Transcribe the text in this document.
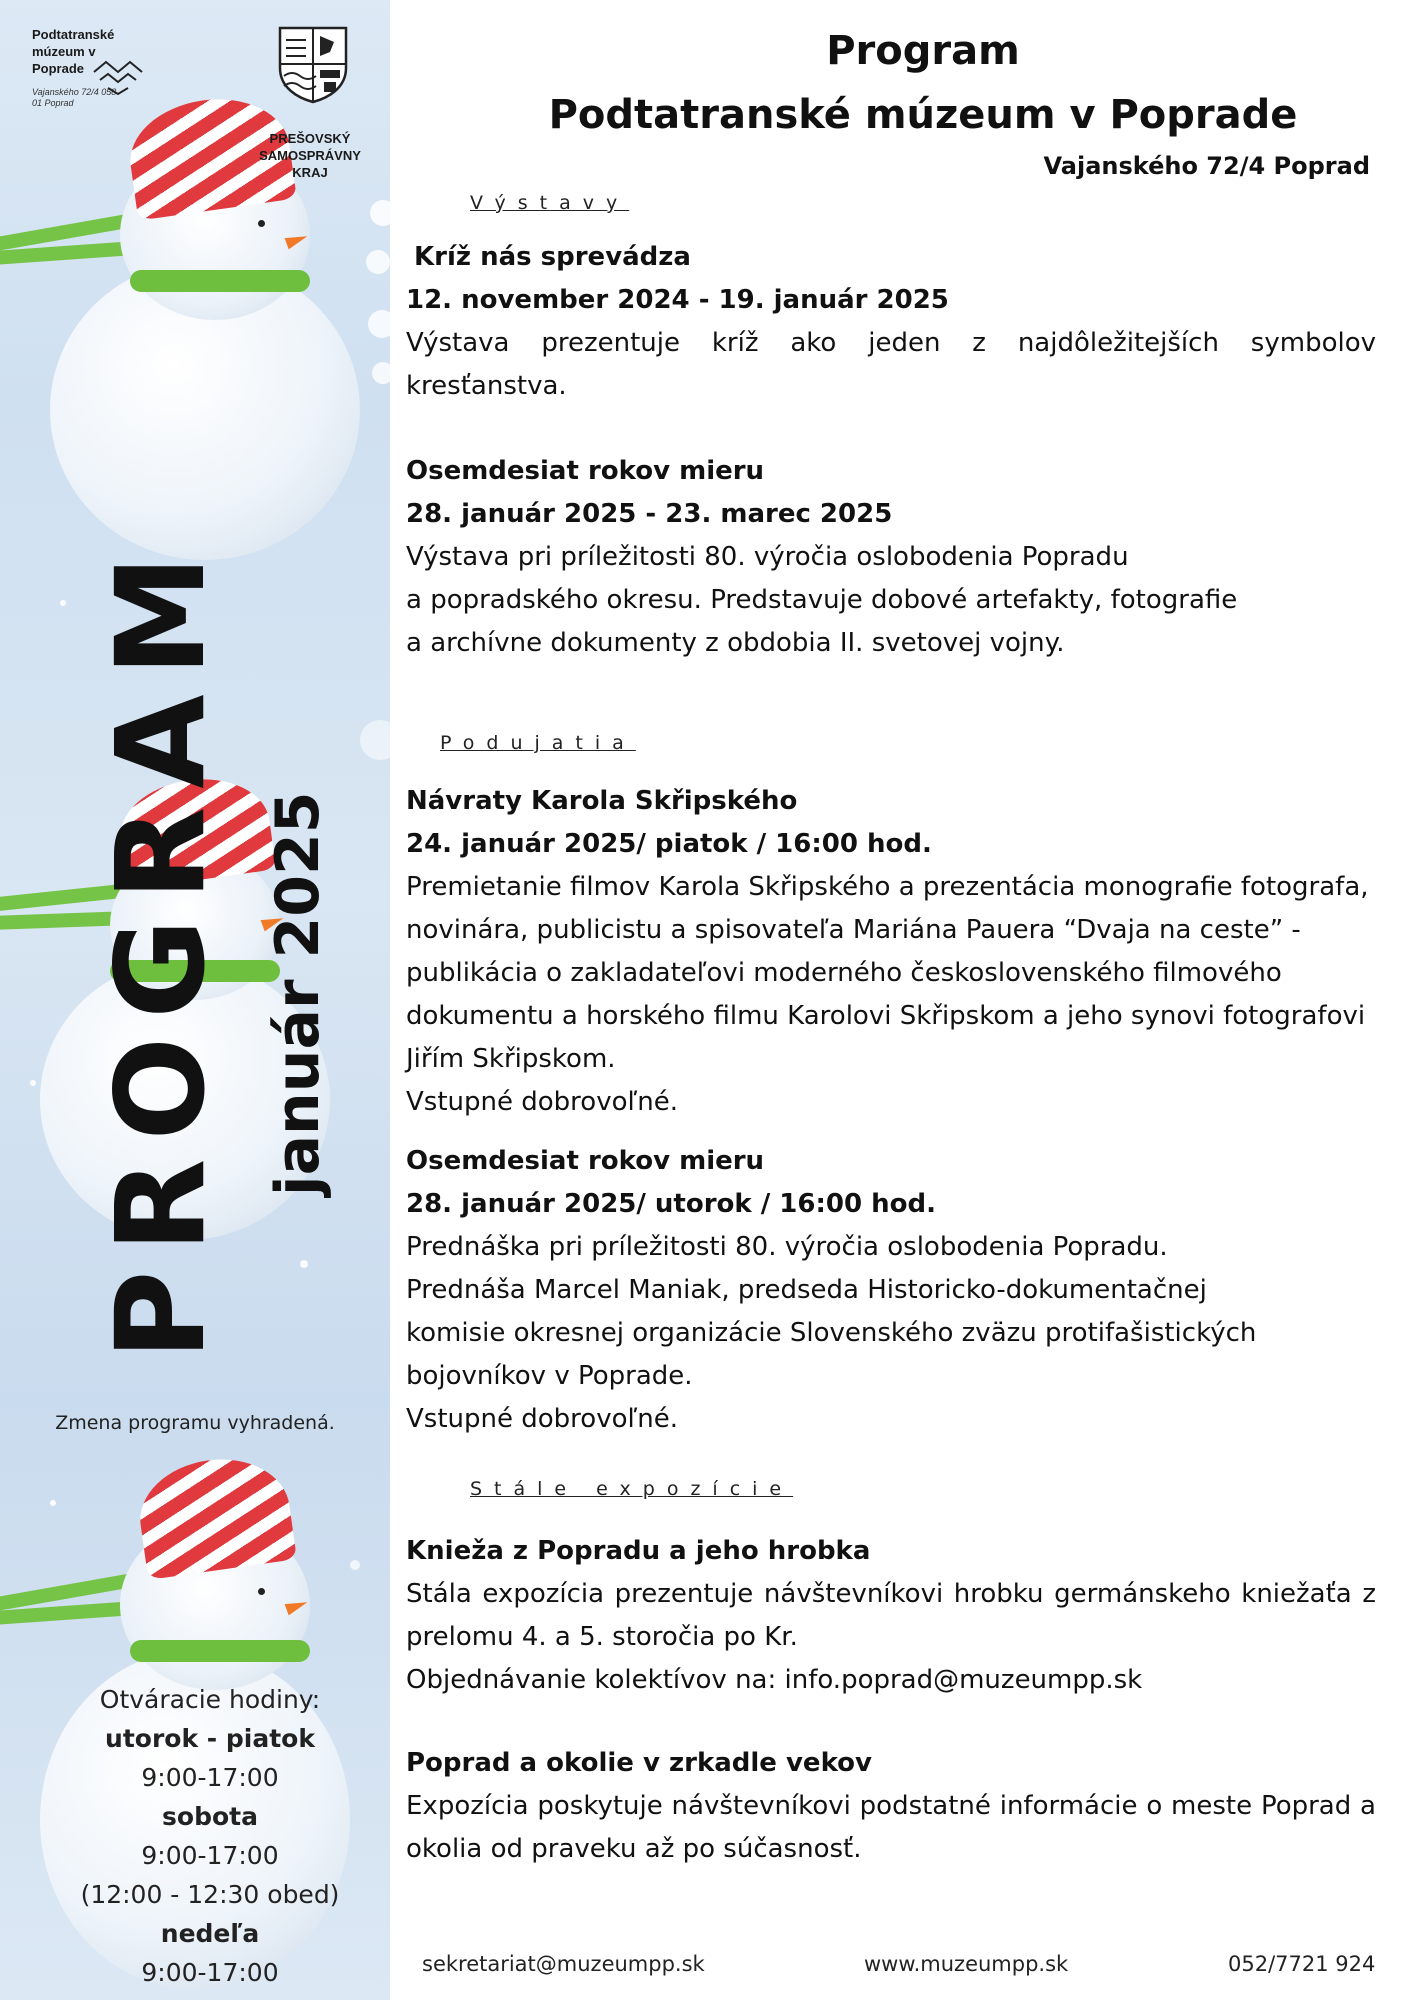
Podtatranské múzeum v Poprade
Vajanského 72/4 058 01 Poprad
PREŠOVSKÝ SAMOSPRÁVNY KRAJ
PROGRAM január 2025
Zmena programu vyhradená.
Otváracie hodiny:
utorok - piatok
9:00-17:00
sobota
9:00-17:00
(12:00 - 12:30 obed)
nedeľa
9:00-17:00
Program
Podtatranské múzeum v Poprade
Vajanského 72/4 Poprad
Výstavy
Kríž nás sprevádza
12. november 2024 - 19. január 2025
Výstava prezentuje kríž ako jeden z najdôležitejších symbolov kresťanstva.
Osemdesiat rokov mieru
28. január 2025 - 23. marec 2025
Výstava pri príležitosti 80. výročia oslobodenia Popradu
a popradského okresu. Predstavuje dobové artefakty, fotografie
a archívne dokumenty z obdobia II. svetovej vojny.
Podujatia
Návraty Karola Skřipského
24. január 2025/ piatok / 16:00 hod.
Premietanie filmov Karola Skřipského a prezentácia monografie fotografa, novinára, publicistu a spisovateľa Mariána Pauera “Dvaja na ceste” - publikácia o zakladateľovi moderného československého filmového dokumentu a horského filmu Karolovi Skřipskom a jeho synovi fotografovi Jiřím Skřipskom.
Vstupné dobrovoľné.
Osemdesiat rokov mieru
28. január 2025/ utorok / 16:00 hod.
Prednáška pri príležitosti 80. výročia oslobodenia Popradu.
Prednáša Marcel Maniak, predseda Historicko-dokumentačnej
komisie okresnej organizácie Slovenského zväzu protifašistických
bojovníkov v Poprade.
Vstupné dobrovoľné.
Stále expozície
Knieža z Popradu a jeho hrobka
Stála expozícia prezentuje návštevníkovi hrobku germánskeho kniežaťa z prelomu 4. a 5. storočia po Kr.
Objednávanie kolektívov na: info.poprad@muzeumpp.sk
Poprad a okolie v zrkadle vekov
Expozícia poskytuje návštevníkovi podstatné informácie o meste Poprad a okolia od praveku až po súčasnosť.
sekretariat@muzeumpp.sk	www.muzeumpp.sk	052/7721 924
